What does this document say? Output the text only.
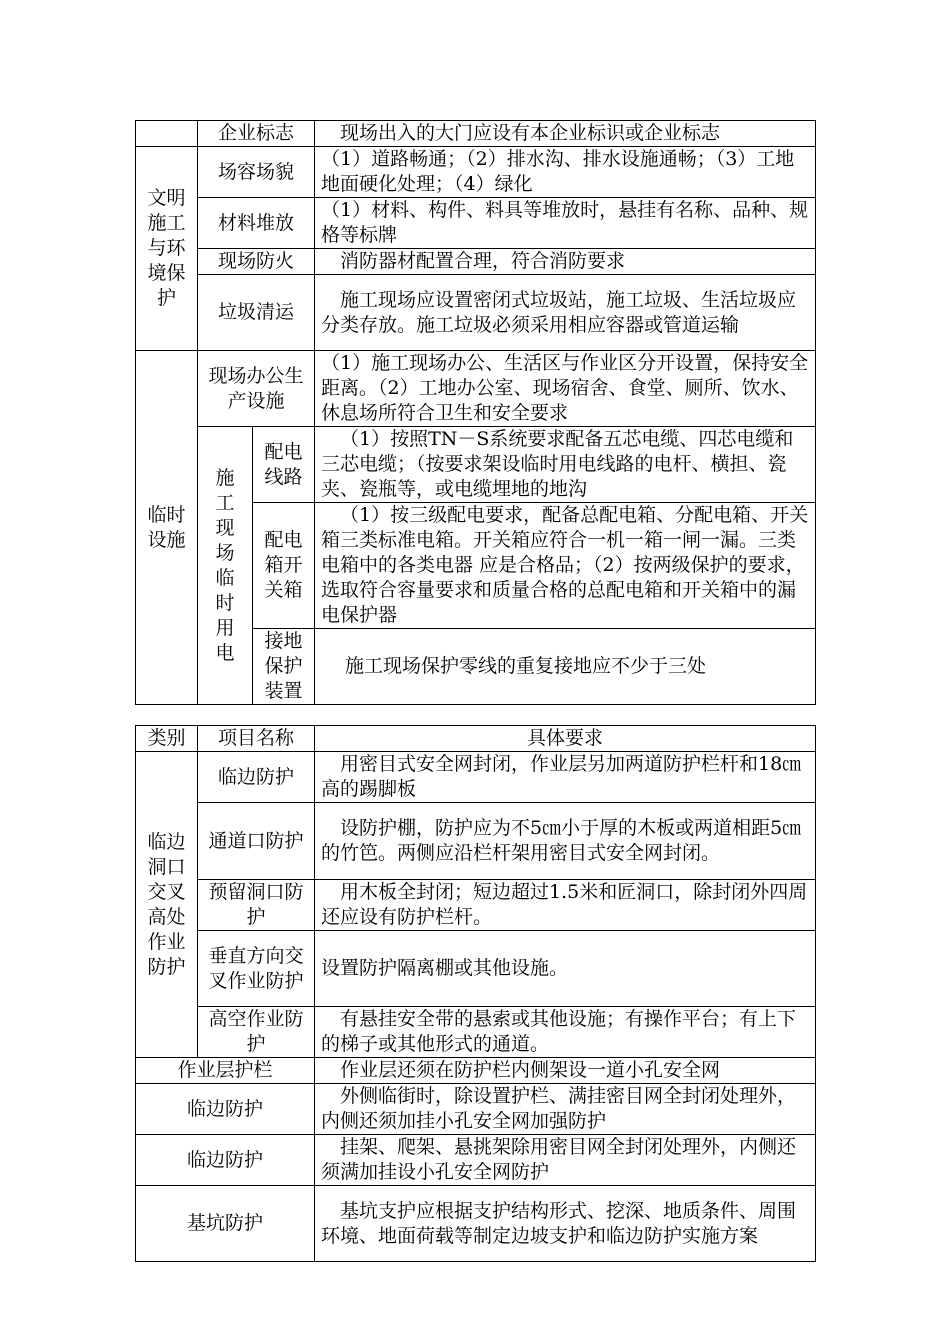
	企业标志		现场出入的大门应设有本企业标识或企业标志

文明施工与环境保护	场容场貌		（1）道路畅通；（2）排水沟、排水设施通畅；（3）工地地面硬化处理；（4）绿化
	材料堆放		（1）材料、构件、料具等堆放时，悬挂有名称、品种、规格等标牌
	现场防火		消防器材配置合理，符合消防要求
	垃圾清运		施工现场应设置密闭式垃圾站，施工垃圾、生活垃圾应分类存放。施工垃圾必须采用相应容器或管道运输

临时设施	现场办公生产设施		（1）施工现场办公、生活区与作业区分开设置，保持安全距离。（2）工地办公室、现场宿舍、食堂、厕所、饮水、休息场所符合卫生和安全要求

	施工现场临时用电	配电线路	（1）按照TN－S系统要求配备五芯电缆、四芯电缆和三芯电缆；（按要求架设临时用电线路的电杆、横担、瓷夹、瓷瓶等，或电缆埋地的地沟

		配电箱开关箱	（1）按三级配电要求，配备总配电箱、分配电箱、开关箱三类标准电箱。开关箱应符合一机一箱一闸一漏。三类电箱中的各类电器 应是合格品；（2）按两级保护的要求，选取符合容量要求和质量合格的总配电箱和开关箱中的漏电保护器

		接地保护装置	施工现场保护零线的重复接地应不少于三处
类别	项目名称	具体要求

临边洞口交叉高处作业防护	临边防护	用密目式安全网封闭，作业层另加两道防护栏杆和18㎝高的踢脚板

	通道口防护	设防护棚，防护应为不5㎝小于厚的木板或两道相距5㎝的竹笆。两侧应沿栏杆架用密目式安全网封闭。

	预留洞口防护	用木板全封闭；短边超过1.5米和匠洞口，除封闭外四周还应设有防护栏杆。

	垂直方向交叉作业防护	设置防护隔离棚或其他设施。

	高空作业防护	有悬挂安全带的悬索或其他设施；有操作平台；有上下的梯子或其他形式的通道。
作业层护栏		作业层还须在防护栏内侧架设一道小孔安全网
临边防护		外侧临街时，除设置护栏、满挂密目网全封闭处理外，内侧还须加挂小孔安全网加强防护
临边防护		挂架、爬架、悬挑架除用密目网全封闭处理外，内侧还须满加挂设小孔安全网防护
基坑防护		基坑支护应根据支护结构形式、挖深、地质条件、周围环境、地面荷载等制定边坡支护和临边防护实施方案
